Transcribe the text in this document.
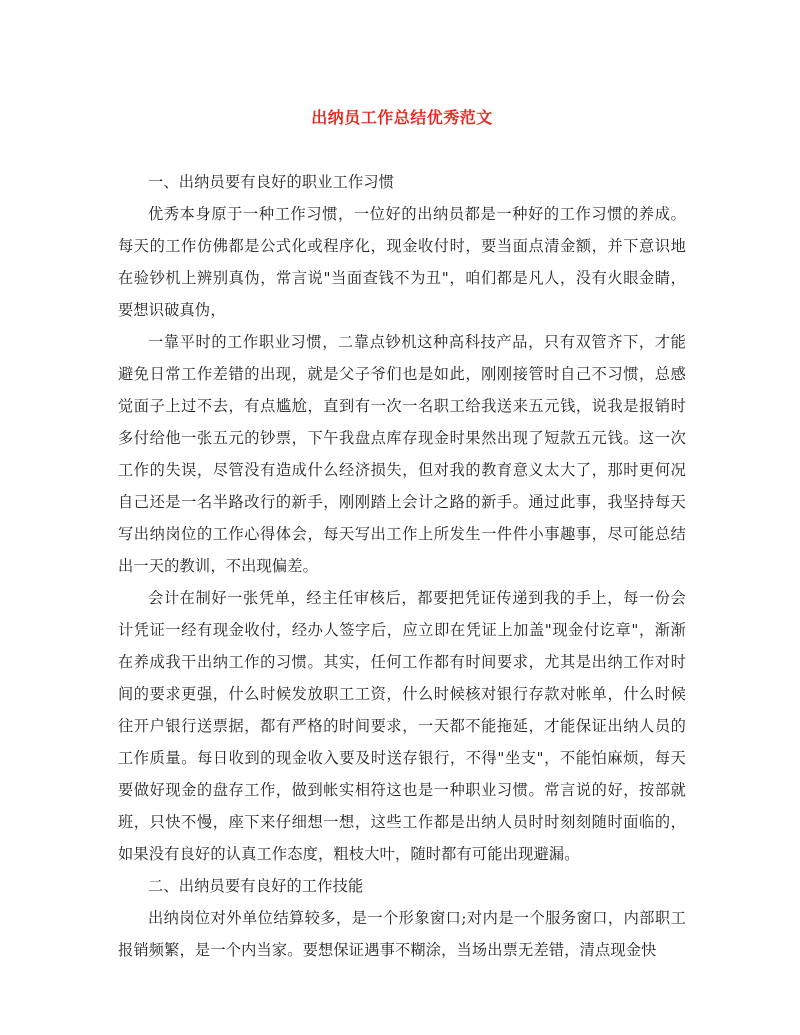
出纳员工作总结优秀范文

一、出纳员要有良好的职业工作习惯

优秀本身原于一种工作习惯，一位好的出纳员都是一种好的工作习惯的养成。每天的工作仿佛都是公式化或程序化，现金收付时，要当面点清金额，并下意识地在验钞机上辨别真伪，常言说"当面查钱不为丑"，咱们都是凡人，没有火眼金睛，要想识破真伪，

一靠平时的工作职业习惯，二靠点钞机这种高科技产品，只有双管齐下，才能避免日常工作差错的出现，就是父子爷们也是如此，刚刚接管时自己不习惯，总感觉面子上过不去，有点尴尬，直到有一次一名职工给我送来五元钱，说我是报销时多付给他一张五元的钞票，下午我盘点库存现金时果然出现了短款五元钱。这一次工作的失误，尽管没有造成什么经济损失，但对我的教育意义太大了，那时更何况自己还是一名半路改行的新手，刚刚踏上会计之路的新手。通过此事，我坚持每天写出纳岗位的工作心得体会，每天写出工作上所发生一件件小事趣事，尽可能总结出一天的教训，不出现偏差。

会计在制好一张凭单，经主任审核后，都要把凭证传递到我的手上，每一份会计凭证一经有现金收付，经办人签字后，应立即在凭证上加盖"现金付讫章"，渐渐在养成我干出纳工作的习惯。其实，任何工作都有时间要求，尤其是出纳工作对时间的要求更强，什么时候发放职工工资，什么时候核对银行存款对帐单，什么时候往开户银行送票据，都有严格的时间要求，一天都不能拖延，才能保证出纳人员的工作质量。每日收到的现金收入要及时送存银行，不得"坐支"，不能怕麻烦，每天要做好现金的盘存工作，做到帐实相符这也是一种职业习惯。常言说的好，按部就班，只快不慢，座下来仔细想一想，这些工作都是出纳人员时时刻刻随时面临的，如果没有良好的认真工作态度，粗枝大叶，随时都有可能出现避漏。

二、出纳员要有良好的工作技能

出纳岗位对外单位结算较多，是一个形象窗口;对内是一个服务窗口，内部职工报销频繁，是一个内当家。要想保证遇事不糊涂，当场出票无差错，清点现金快
